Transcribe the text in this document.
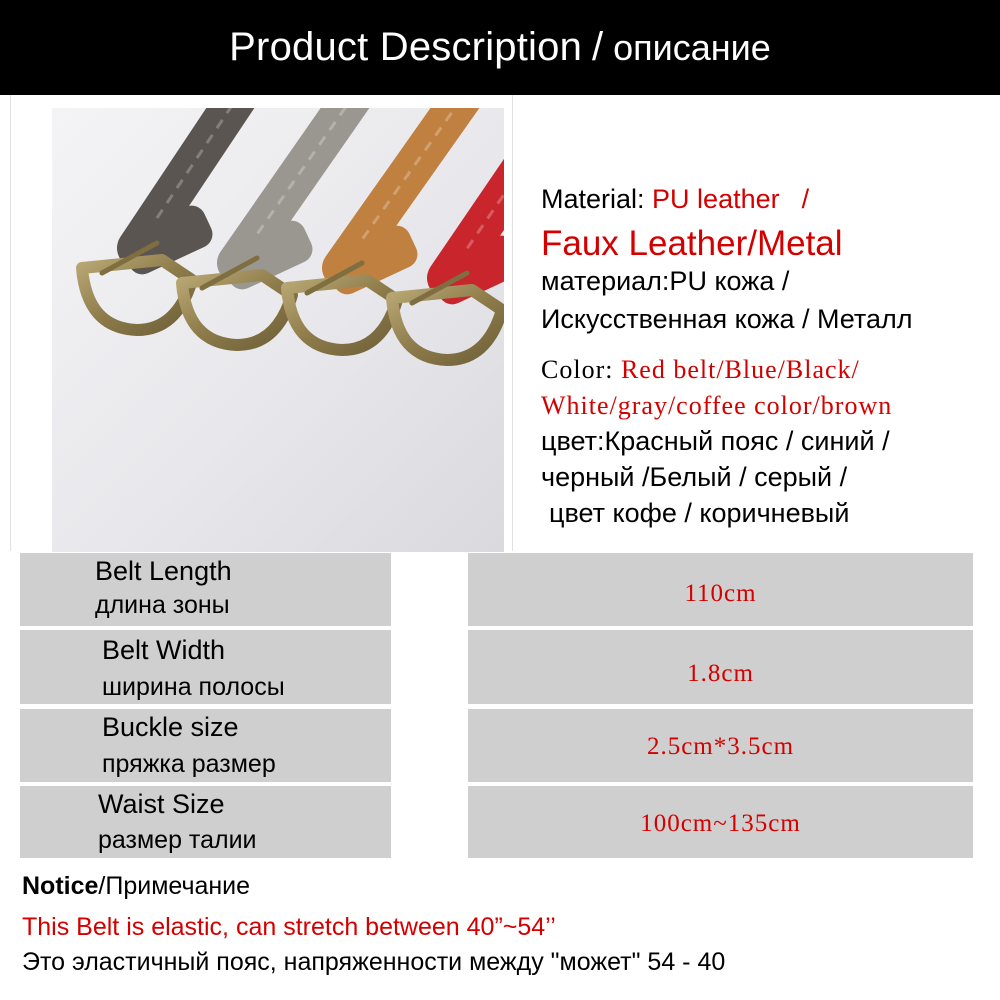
Product Description / описание
Material: PU leather /
Faux Leather/Metal
материал:PU кожа /
Искусственная кожа / Металл
Color: Red belt/Blue/Black/
White/gray/coffee color/brown
цвет:Красный пояс / синий /
черный /Белый / серый /
цвет кофе / коричневый
Belt Length
длина зоны	110cm
Belt Width
ширина полосы	1.8cm
Buckle size
пряжка размер
2.5cm*3.5cm
Waist Size
размер талии
100cm~135cm
Notice/Примечание
This Belt is elastic, can stretch between 40”~54’’
Это эластичный пояс, напряженности между "может" 54 - 40
